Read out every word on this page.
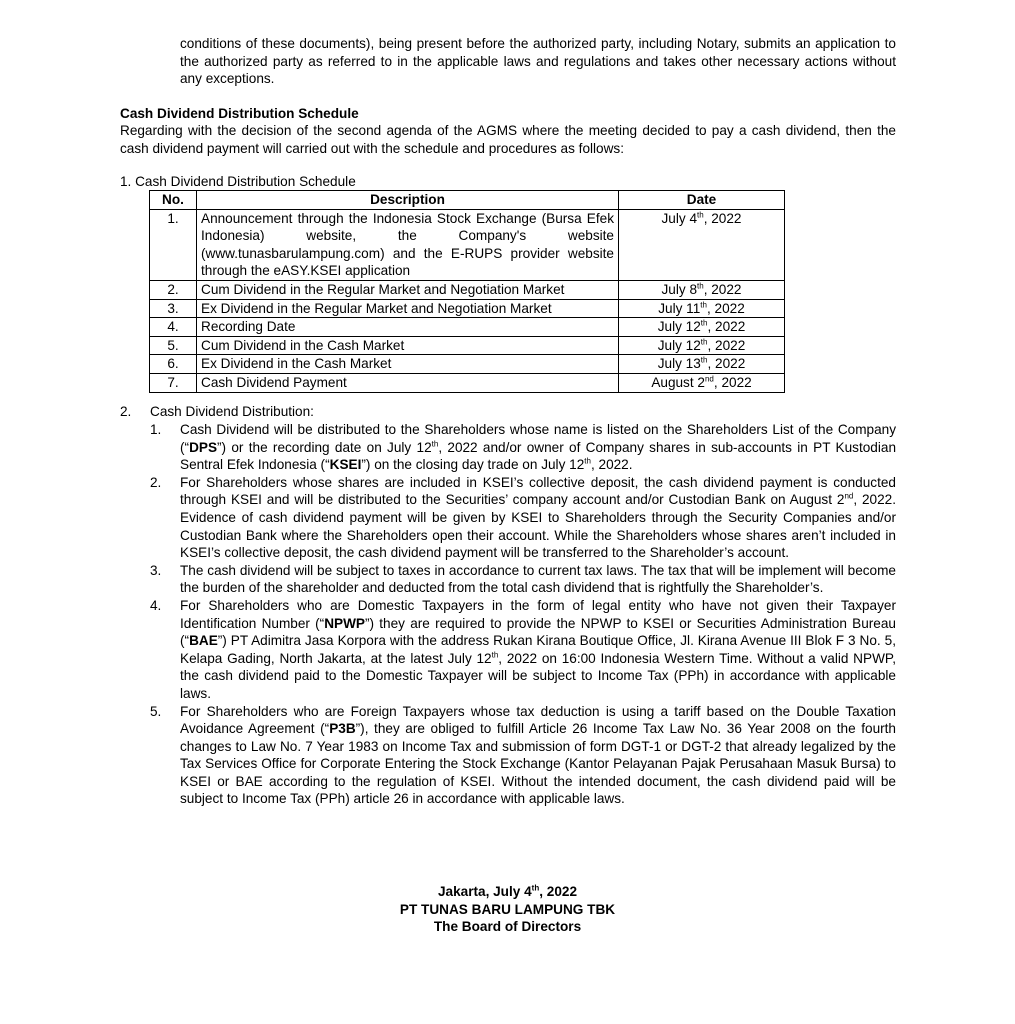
conditions of these documents), being present before the authorized party, including Notary, submits an application to the authorized party as referred to in the applicable laws and regulations and takes other necessary actions without any exceptions.
Cash Dividend Distribution Schedule
Regarding with the decision of the second agenda of the AGMS where the meeting decided to pay a cash dividend, then the cash dividend payment will carried out with the schedule and procedures as follows:
1. Cash Dividend Distribution Schedule
No.	Description	Date
1.	Announcement through the Indonesia Stock Exchange (Bursa Efek Indonesia) website, the Company's website (www.tunasbarulampung.com) and the E-RUPS provider website through the eASY.KSEI application	July 4th, 2022
2.	Cum Dividend in the Regular Market and Negotiation Market	July 8th, 2022
3.	Ex Dividend in the Regular Market and Negotiation Market	July 11th, 2022
4.	Recording Date	July 12th, 2022
5.	Cum Dividend in the Cash Market	July 12th, 2022
6.	Ex Dividend in the Cash Market	July 13th, 2022
7.	Cash Dividend Payment	August 2nd, 2022
2. Cash Dividend Distribution:
1.	Cash Dividend will be distributed to the Shareholders whose name is listed on the Shareholders List of the Company (“DPS”) or the recording date on July 12th, 2022 and/or owner of Company shares in sub-accounts in PT Kustodian Sentral Efek Indonesia (“KSEI”) on the closing day trade on July 12th, 2022.
2.	For Shareholders whose shares are included in KSEI’s collective deposit, the cash dividend payment is conducted through KSEI and will be distributed to the Securities’ company account and/or Custodian Bank on August 2nd, 2022. Evidence of cash dividend payment will be given by KSEI to Shareholders through the Security Companies and/or Custodian Bank where the Shareholders open their account. While the Shareholders whose shares aren’t included in KSEI’s collective deposit, the cash dividend payment will be transferred to the Shareholder’s account.
3.	The cash dividend will be subject to taxes in accordance to current tax laws. The tax that will be implement will become the burden of the shareholder and deducted from the total cash dividend that is rightfully the Shareholder’s.
4.	For Shareholders who are Domestic Taxpayers in the form of legal entity who have not given their Taxpayer Identification Number (“NPWP”) they are required to provide the NPWP to KSEI or Securities Administration Bureau (“BAE”) PT Adimitra Jasa Korpora with the address Rukan Kirana Boutique Office, Jl. Kirana Avenue III Blok F 3 No. 5, Kelapa Gading, North Jakarta, at the latest July 12th, 2022 on 16:00 Indonesia Western Time. Without a valid NPWP, the cash dividend paid to the Domestic Taxpayer will be subject to Income Tax (PPh) in accordance with applicable laws.
5.	For Shareholders who are Foreign Taxpayers whose tax deduction is using a tariff based on the Double Taxation Avoidance Agreement (“P3B”), they are obliged to fulfill Article 26 Income Tax Law No. 36 Year 2008 on the fourth changes to Law No. 7 Year 1983 on Income Tax and submission of form DGT-1 or DGT-2 that already legalized by the Tax Services Office for Corporate Entering the Stock Exchange (Kantor Pelayanan Pajak Perusahaan Masuk Bursa) to KSEI or BAE according to the regulation of KSEI. Without the intended document, the cash dividend paid will be subject to Income Tax (PPh) article 26 in accordance with applicable laws.
Jakarta, July 4th, 2022
PT TUNAS BARU LAMPUNG TBK
The Board of Directors
